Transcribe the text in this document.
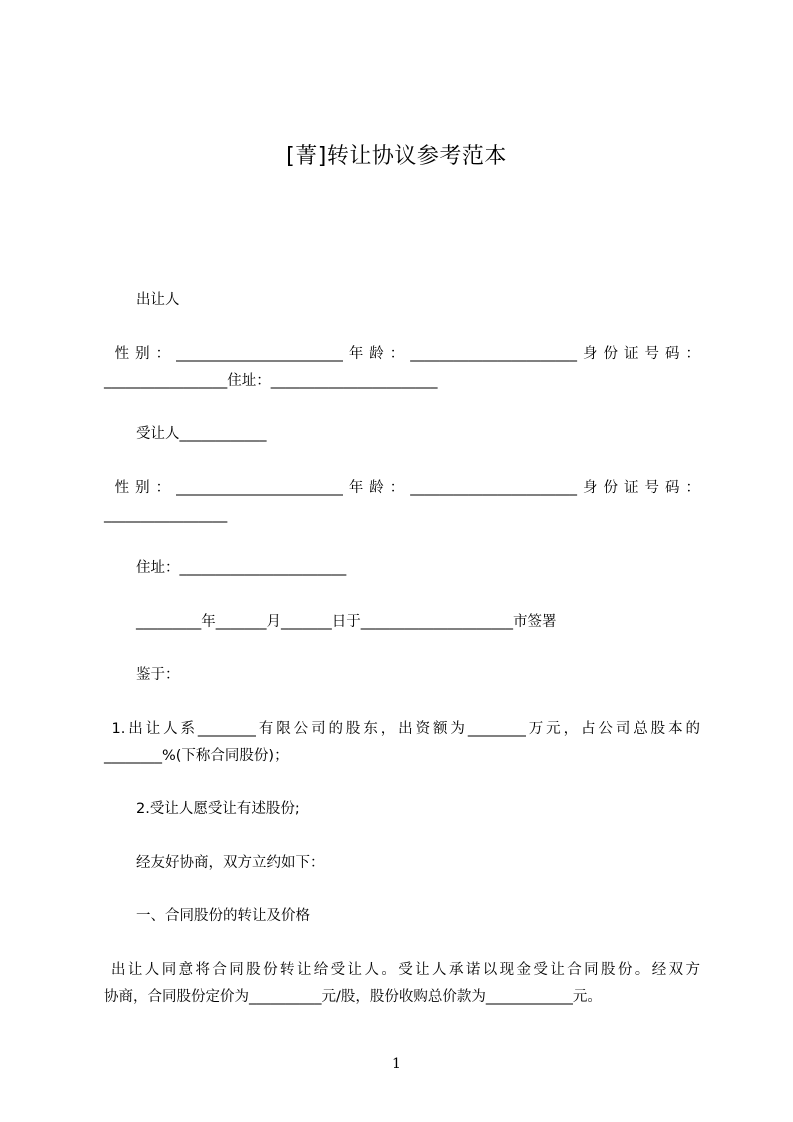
[菁]转让协议参考范本
出让人
性别：_______________________年龄：_______________________身份证号码：
_________________住址：_______________________
受让人____________
性别：_______________________年龄：_______________________身份证号码：
_________________
住址：_______________________
_________年_______月_______日于_____________________市签署
鉴于：
1.出让人系________有限公司的股东，出资额为________万元，占公司总股本的
________%(下称合同股份)；
2.受让人愿受让有述股份;
经友好协商，双方立约如下：
一、合同股份的转让及价格
出让人同意将合同股份转让给受让人。受让人承诺以现金受让合同股份。经双方
协商，合同股份定价为__________元/股，股份收购总价款为____________元。
1
